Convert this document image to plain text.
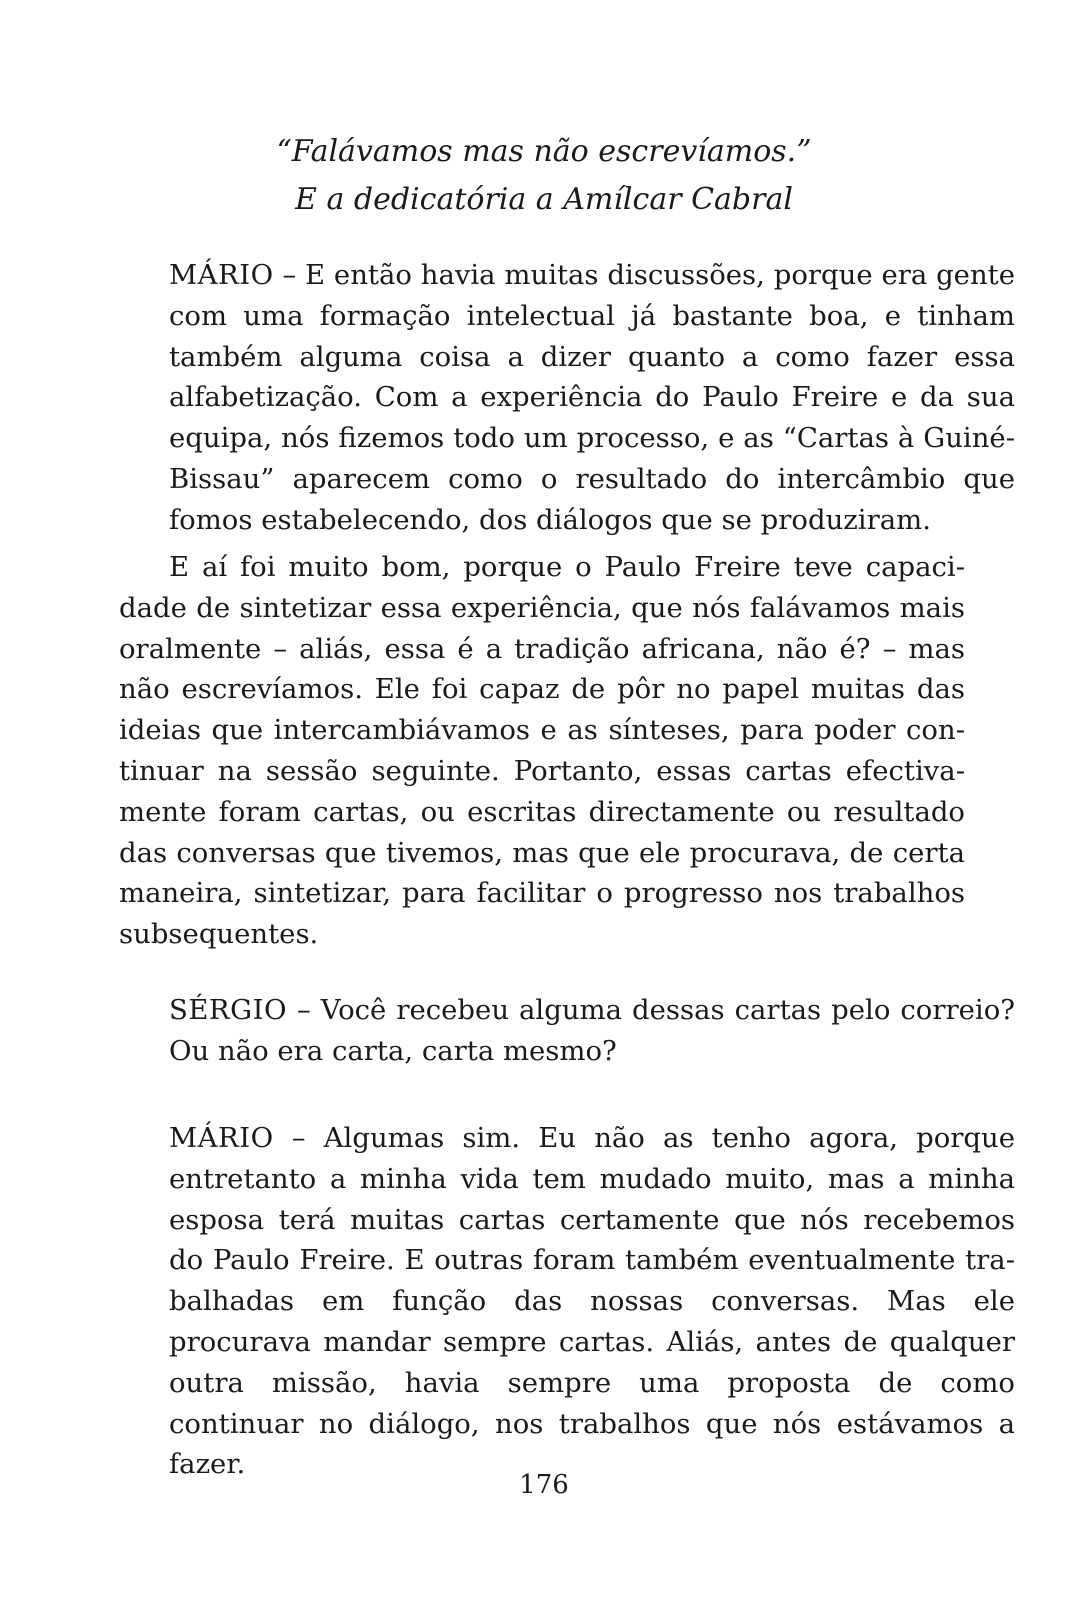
“Falávamos mas não escrevíamos.”
E a dedicatória a Amílcar Cabral

MÁRIO – E então havia muitas discussões, porque era gente com uma formação intelectual já bastante boa, e tinham também alguma coisa a dizer quanto a como fazer essa alfabetização. Com a experiência do Paulo Freire e da sua equipa, nós fizemos todo um processo, e as “Cartas à Guiné-Bissau” aparecem como o resultado do intercâmbio que fomos estabelecendo, dos diálogos que se produziram.

E aí foi muito bom, porque o Paulo Freire teve capacidade de sintetizar essa experiência, que nós falávamos mais oralmente – aliás, essa é a tradição africana, não é? – mas não escrevíamos. Ele foi capaz de pôr no papel muitas das ideias que intercambiávamos e as sínteses, para poder continuar na sessão seguinte. Portanto, essas cartas efectivamente foram cartas, ou escritas directamente ou resultado das conversas que tivemos, mas que ele procurava, de certa maneira, sintetizar, para facilitar o progresso nos trabalhos subsequentes.

SÉRGIO – Você recebeu alguma dessas cartas pelo correio? Ou não era carta, carta mesmo?

MÁRIO – Algumas sim. Eu não as tenho agora, porque entretanto a minha vida tem mudado muito, mas a minha esposa terá muitas cartas certamente que nós recebemos do Paulo Freire. E outras foram também eventualmente trabalhadas em função das nossas conversas. Mas ele procurava mandar sempre cartas. Aliás, antes de qualquer outra missão, havia sempre uma proposta de como continuar no diálogo, nos trabalhos que nós estávamos a fazer.

176
